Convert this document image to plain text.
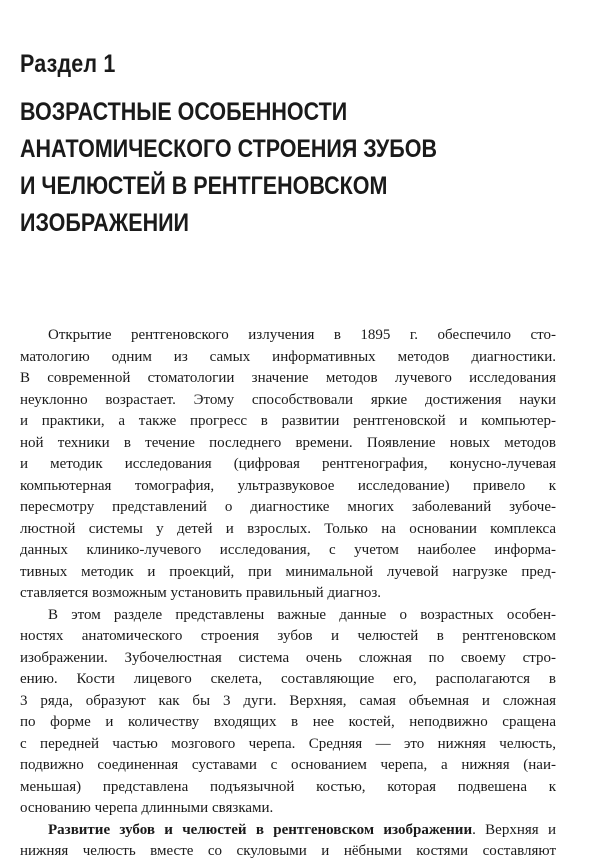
Раздел 1
ВОЗРАСТНЫЕ ОСОБЕННОСТИ
АНАТОМИЧЕСКОГО СТРОЕНИЯ ЗУБОВ
И ЧЕЛЮСТЕЙ В РЕНТГЕНОВСКОМ
ИЗОБРАЖЕНИИ
Открытие рентгеновского излучения в 1895 г. обеспечило сто-
матологию одним из самых информативных методов диагностики.
В современной стоматологии значение методов лучевого исследования
неуклонно возрастает. Этому способствовали яркие достижения науки
и практики, а также прогресс в развитии рентгеновской и компьютер-
ной техники в течение последнего времени. Появление новых методов
и методик исследования (цифровая рентгенография, конусно-лучевая
компьютерная томография, ультразвуковое исследование) привело к
пересмотру представлений о диагностике многих заболеваний зубоче-
люстной системы у детей и взрослых. Только на основании комплекса
данных клинико-лучевого исследования, с учетом наиболее информа-
тивных методик и проекций, при минимальной лучевой нагрузке пред-
ставляется возможным установить правильный диагноз.
В этом разделе представлены важные данные о возрастных особен-
ностях анатомического строения зубов и челюстей в рентгеновском
изображении. Зубочелюстная система очень сложная по своему стро-
ению. Кости лицевого скелета, составляющие его, располагаются в
3 ряда, образуют как бы 3 дуги. Верхняя, самая объемная и сложная
по форме и количеству входящих в нее костей, неподвижно сращена
с передней частью мозгового черепа. Средняя — это нижняя челюсть,
подвижно соединенная суставами с основанием черепа, а нижняя (наи-
меньшая) представлена подъязычной костью, которая подвешена к
основанию черепа длинными связками.
Развитие зубов и челюстей в рентгеновском изображении. Верхняя и
нижняя челюсть вместе со скуловыми и нёбными костями составляют
